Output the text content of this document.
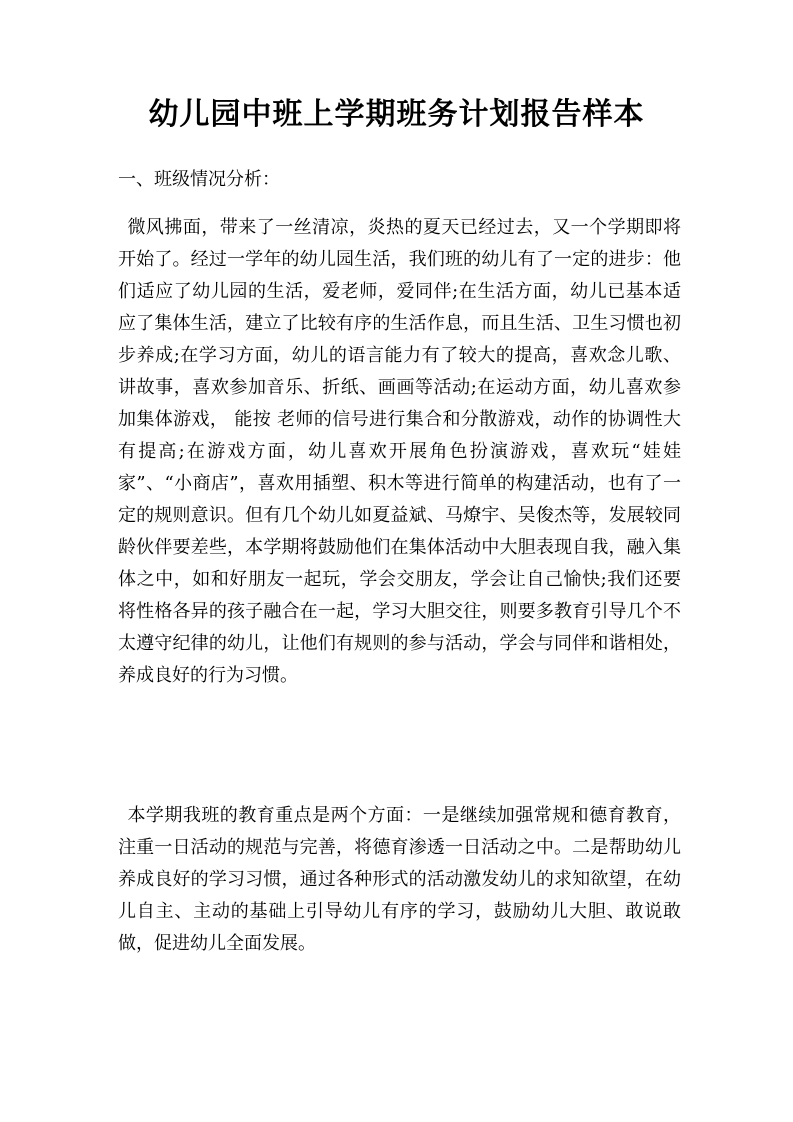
幼儿园中班上学期班务计划报告样本

一、班级情况分析：

微风拂面，带来了一丝清凉，炎热的夏天已经过去，又一个学期即将开始了。经过一学年的幼儿园生活，我们班的幼儿有了一定的进步：他们适应了幼儿园的生活，爱老师，爱同伴;在生活方面，幼儿已基本适应了集体生活，建立了比较有序的生活作息，而且生活、卫生习惯也初步养成;在学习方面，幼儿的语言能力有了较大的提高，喜欢念儿歌、讲故事，喜欢参加音乐、折纸、画画等活动;在运动方面，幼儿喜欢参加集体游戏， 能按 老师的信号进行集合和分散游戏，动作的协调性大有提高;在游戏方面，幼儿喜欢开展角色扮演游戏，喜欢玩“娃娃家”、“小商店”，喜欢用插塑、积木等进行简单的构建活动，也有了一定的规则意识。但有几个幼儿如夏益斌、马燎宇、吴俊杰等，发展较同龄伙伴要差些，本学期将鼓励他们在集体活动中大胆表现自我，融入集体之中，如和好朋友一起玩，学会交朋友，学会让自己愉快;我们还要将性格各异的孩子融合在一起，学习大胆交往，则要多教育引导几个不太遵守纪律的幼儿，让他们有规则的参与活动，学会与同伴和谐相处，养成良好的行为习惯。

本学期我班的教育重点是两个方面：一是继续加强常规和德育教育，注重一日活动的规范与完善，将德育渗透一日活动之中。二是帮助幼儿养成良好的学习习惯，通过各种形式的活动激发幼儿的求知欲望，在幼儿自主、主动的基础上引导幼儿有序的学习，鼓励幼儿大胆、敢说敢做，促进幼儿全面发展。
